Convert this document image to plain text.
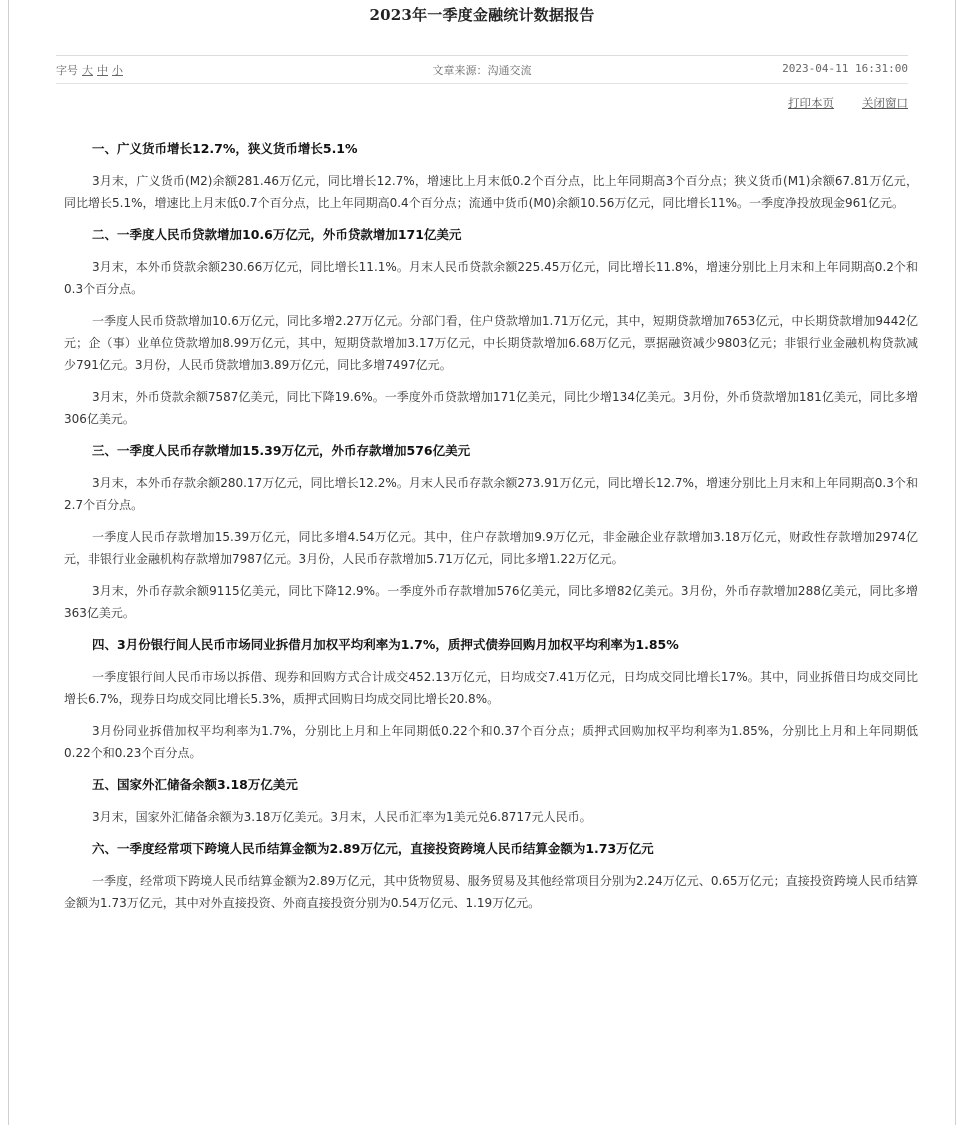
2023年一季度金融统计数据报告
字号 大 中 小	文章来源：沟通交流	2023-04-11 16:31:00
打印本页 关闭窗口
一、广义货币增长12.7%，狭义货币增长5.1%

3月末，广义货币(M2)余额281.46万亿元，同比增长12.7%，增速比上月末低0.2个百分点，比上年同期高3个百分点；狭义货币(M1)余额67.81万亿元，同比增长5.1%，增速比上月末低0.7个百分点，比上年同期高0.4个百分点；流通中货币(M0)余额10.56万亿元，同比增长11%。一季度净投放现金961亿元。

二、一季度人民币贷款增加10.6万亿元，外币贷款增加171亿美元

3月末，本外币贷款余额230.66万亿元，同比增长11.1%。月末人民币贷款余额225.45万亿元，同比增长11.8%，增速分别比上月末和上年同期高0.2个和0.3个百分点。

一季度人民币贷款增加10.6万亿元，同比多增2.27万亿元。分部门看，住户贷款增加1.71万亿元，其中，短期贷款增加7653亿元，中长期贷款增加9442亿元；企（事）业单位贷款增加8.99万亿元，其中，短期贷款增加3.17万亿元，中长期贷款增加6.68万亿元，票据融资减少9803亿元；非银行业金融机构贷款减少791亿元。3月份，人民币贷款增加3.89万亿元，同比多增7497亿元。

3月末，外币贷款余额7587亿美元，同比下降19.6%。一季度外币贷款增加171亿美元，同比少增134亿美元。3月份，外币贷款增加181亿美元，同比多增306亿美元。

三、一季度人民币存款增加15.39万亿元，外币存款增加576亿美元

3月末，本外币存款余额280.17万亿元，同比增长12.2%。月末人民币存款余额273.91万亿元，同比增长12.7%，增速分别比上月末和上年同期高0.3个和2.7个百分点。

一季度人民币存款增加15.39万亿元，同比多增4.54万亿元。其中，住户存款增加9.9万亿元，非金融企业存款增加3.18万亿元，财政性存款增加2974亿元，非银行业金融机构存款增加7987亿元。3月份，人民币存款增加5.71万亿元，同比多增1.22万亿元。

3月末，外币存款余额9115亿美元，同比下降12.9%。一季度外币存款增加576亿美元，同比多增82亿美元。3月份，外币存款增加288亿美元，同比多增363亿美元。

四、3月份银行间人民币市场同业拆借月加权平均利率为1.7%，质押式债券回购月加权平均利率为1.85%

一季度银行间人民币市场以拆借、现券和回购方式合计成交452.13万亿元，日均成交7.41万亿元，日均成交同比增长17%。其中，同业拆借日均成交同比增长6.7%，现券日均成交同比增长5.3%，质押式回购日均成交同比增长20.8%。

3月份同业拆借加权平均利率为1.7%，分别比上月和上年同期低0.22个和0.37个百分点；质押式回购加权平均利率为1.85%，分别比上月和上年同期低0.22个和0.23个百分点。

五、国家外汇储备余额3.18万亿美元

3月末，国家外汇储备余额为3.18万亿美元。3月末，人民币汇率为1美元兑6.8717元人民币。

六、一季度经常项下跨境人民币结算金额为2.89万亿元，直接投资跨境人民币结算金额为1.73万亿元

一季度，经常项下跨境人民币结算金额为2.89万亿元，其中货物贸易、服务贸易及其他经常项目分别为2.24万亿元、0.65万亿元；直接投资跨境人民币结算金额为1.73万亿元，其中对外直接投资、外商直接投资分别为0.54万亿元、1.19万亿元。
